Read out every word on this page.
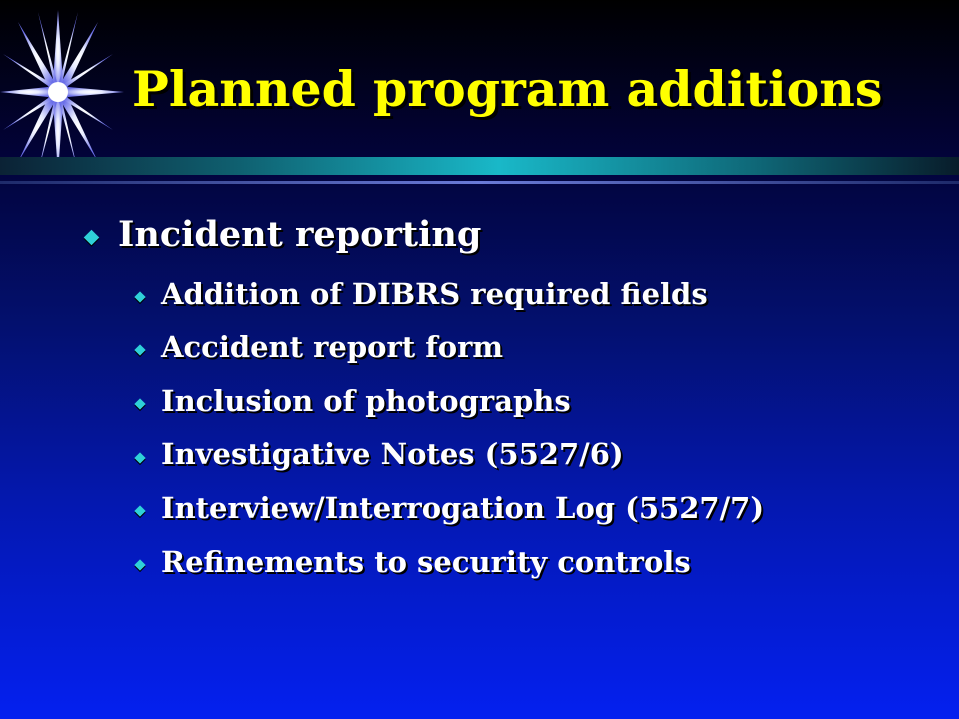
Planned program additions
Incident reporting
Addition of DIBRS required fields
Accident report form
Inclusion of photographs
Investigative Notes (5527/6)
Interview/Interrogation Log (5527/7)
Refinements to security controls
